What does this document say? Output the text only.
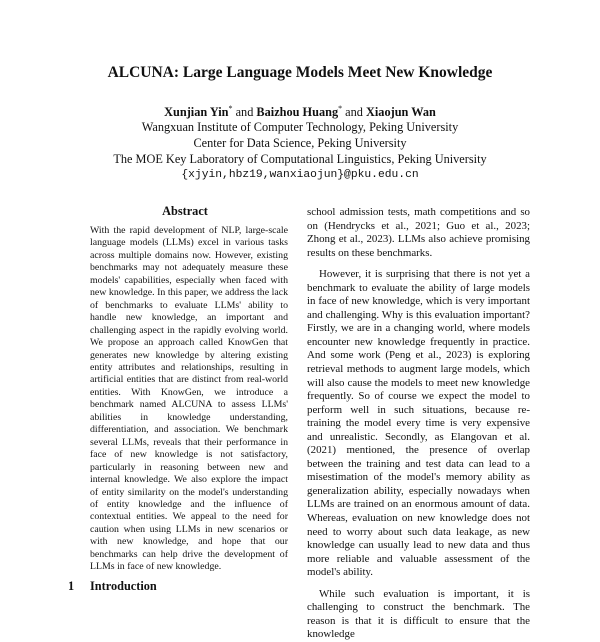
ALCUNA: Large Language Models Meet New Knowledge
Xunjian Yin* and Baizhou Huang* and Xiaojun Wan
Wangxuan Institute of Computer Technology, Peking University
Center for Data Science, Peking University
The MOE Key Laboratory of Computational Linguistics, Peking University
{xjyin,hbz19,wanxiaojun}@pku.edu.cn
Abstract
With the rapid development of NLP, large-scale language models (LLMs) excel in various tasks across multiple domains now. However, existing benchmarks may not adequately measure these models' capabilities, especially when faced with new knowledge. In this paper, we address the lack of benchmarks to evaluate LLMs' ability to handle new knowledge, an important and challenging aspect in the rapidly evolving world. We propose an approach called KnowGen that generates new knowledge by altering existing entity attributes and relationships, resulting in artificial entities that are distinct from real-world entities. With KnowGen, we introduce a benchmark named ALCUNA to assess LLMs' abilities in knowledge understanding, differentiation, and association. We benchmark several LLMs, reveals that their performance in face of new knowledge is not satisfactory, particularly in reasoning between new and internal knowledge. We also explore the impact of entity similarity on the model's understanding of entity knowledge and the influence of contextual entities. We appeal to the need for caution when using LLMs in new scenarios or with new knowledge, and hope that our benchmarks can help drive the development of LLMs in face of new knowledge.
1 Introduction

school admission tests, math competitions and so on (Hendrycks et al., 2021; Guo et al., 2023; Zhong et al., 2023). LLMs also achieve promising results on these benchmarks.

However, it is surprising that there is not yet a benchmark to evaluate the ability of large models in face of new knowledge, which is very important and challenging. Why is this evaluation important? Firstly, we are in a changing world, where models encounter new knowledge frequently in practice. And some work (Peng et al., 2023) is exploring retrieval methods to augment large models, which will also cause the models to meet new knowledge frequently. So of course we expect the model to perform well in such situations, because re-training the model every time is very expensive and unrealistic. Secondly, as Elangovan et al. (2021) mentioned, the presence of overlap between the training and test data can lead to a misestimation of the model's memory ability as generalization ability, especially nowadays when LLMs are trained on an enormous amount of data. Whereas, evaluation on new knowledge does not need to worry about such data leakage, as new knowledge can usually lead to new data and thus more reliable and valuable assessment of the model's ability.

While such evaluation is important, it is challenging to construct the benchmark. The reason is that it is difficult to ensure that the knowledge
